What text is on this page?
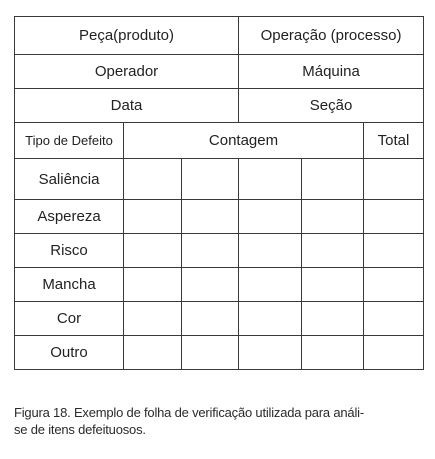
Peça(produto)			Operação (processo)		
Operador			Máquina		
Data			Seção		
Tipo de Defeito	Contagem				Total
Saliência					
Aspereza					
Risco					
Mancha					
Cor					
Outro					
Figura 18. Exemplo de folha de verificação utilizada para análi-
se de itens defeituosos.
